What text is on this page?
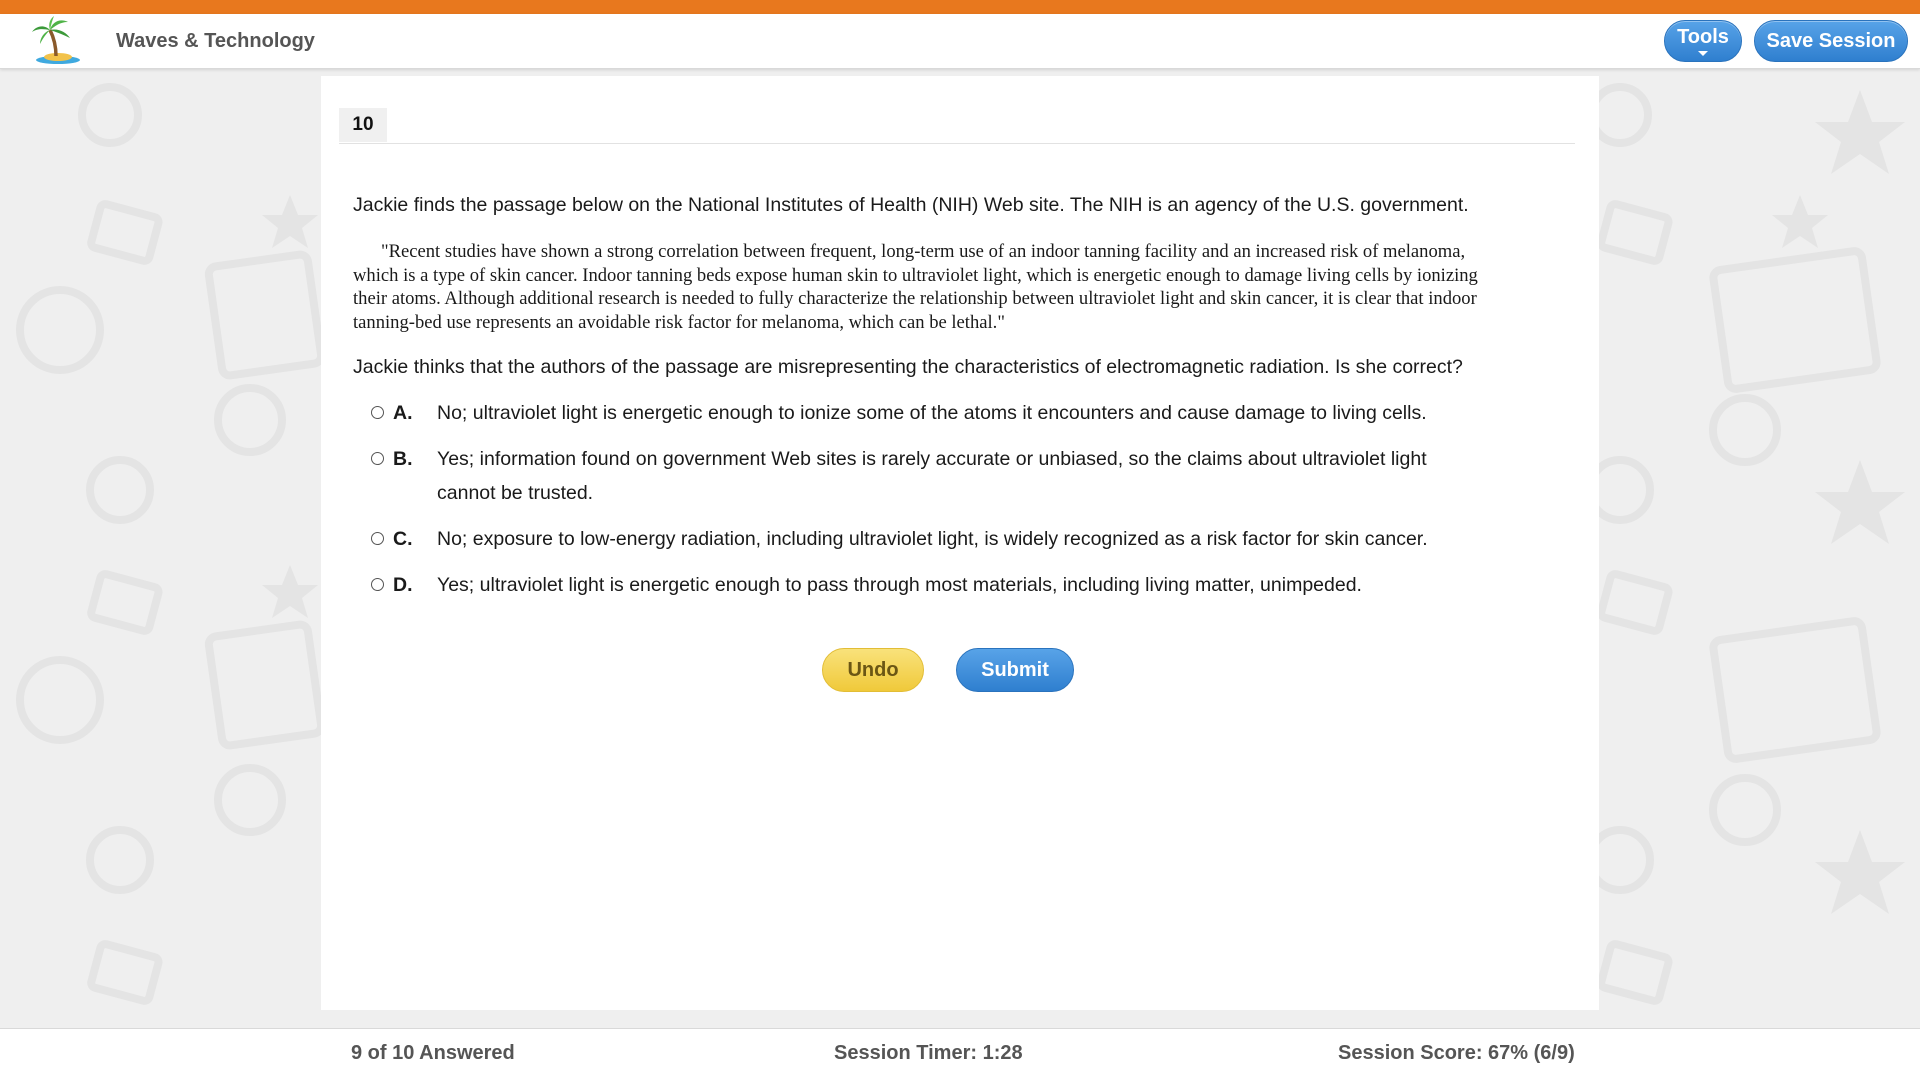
Waves & Technology	Tools	Save Session
10
Jackie finds the passage below on the National Institutes of Health (NIH) Web site. The NIH is an agency of the U.S. government.
"Recent studies have shown a strong correlation between frequent, long-term use of an indoor tanning facility and an increased risk of melanoma, which is a type of skin cancer. Indoor tanning beds expose human skin to ultraviolet light, which is energetic enough to damage living cells by ionizing their atoms. Although additional research is needed to fully characterize the relationship between ultraviolet light and skin cancer, it is clear that indoor tanning-bed use represents an avoidable risk factor for melanoma, which can be lethal."
Jackie thinks that the authors of the passage are misrepresenting the characteristics of electromagnetic radiation. Is she correct?
A. No; ultraviolet light is energetic enough to ionize some of the atoms it encounters and cause damage to living cells.
B. Yes; information found on government Web sites is rarely accurate or unbiased, so the claims about ultraviolet light cannot be trusted.
C. No; exposure to low-energy radiation, including ultraviolet light, is widely recognized as a risk factor for skin cancer.
D. Yes; ultraviolet light is energetic enough to pass through most materials, including living matter, unimpeded.
Undo	Submit
9 of 10 Answered	Session Timer: 1:28	Session Score: 67% (6/9)
